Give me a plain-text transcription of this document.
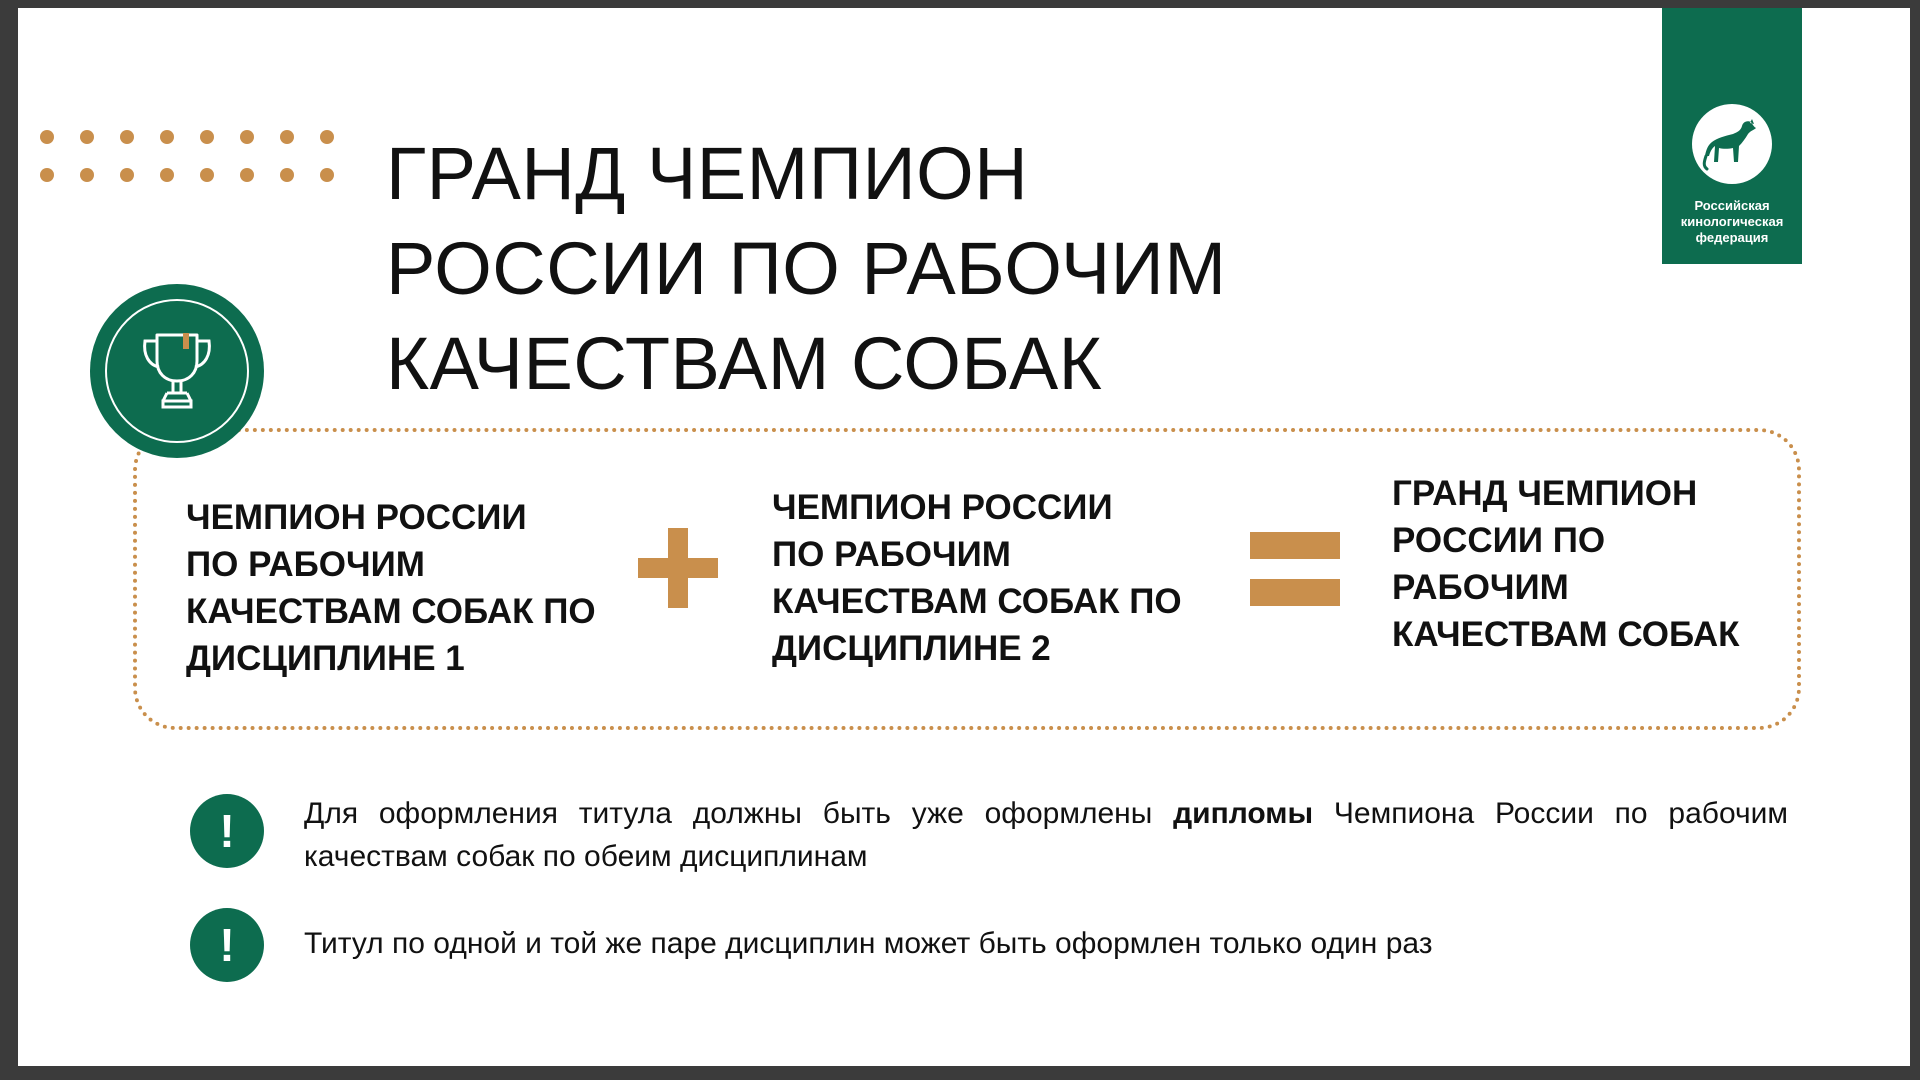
ГРАНД ЧЕМПИОН
РОССИИ ПО РАБОЧИМ
КАЧЕСТВАМ СОБАК
Российская
кинологическая
федерация
ЧЕМПИОН РОССИИ
ПО РАБОЧИМ
КАЧЕСТВАМ СОБАК ПО
ДИСЦИПЛИНЕ 1
ЧЕМПИОН РОССИИ
ПО РАБОЧИМ
КАЧЕСТВАМ СОБАК ПО
ДИСЦИПЛИНЕ 2
ГРАНД ЧЕМПИОН
РОССИИ ПО
РАБОЧИМ
КАЧЕСТВАМ СОБАК
!	Для оформления титула должны быть уже оформлены дипломы Чемпиона России по рабочим качествам собак по обеим дисциплинам
!	Титул по одной и той же паре дисциплин может быть оформлен только один раз
